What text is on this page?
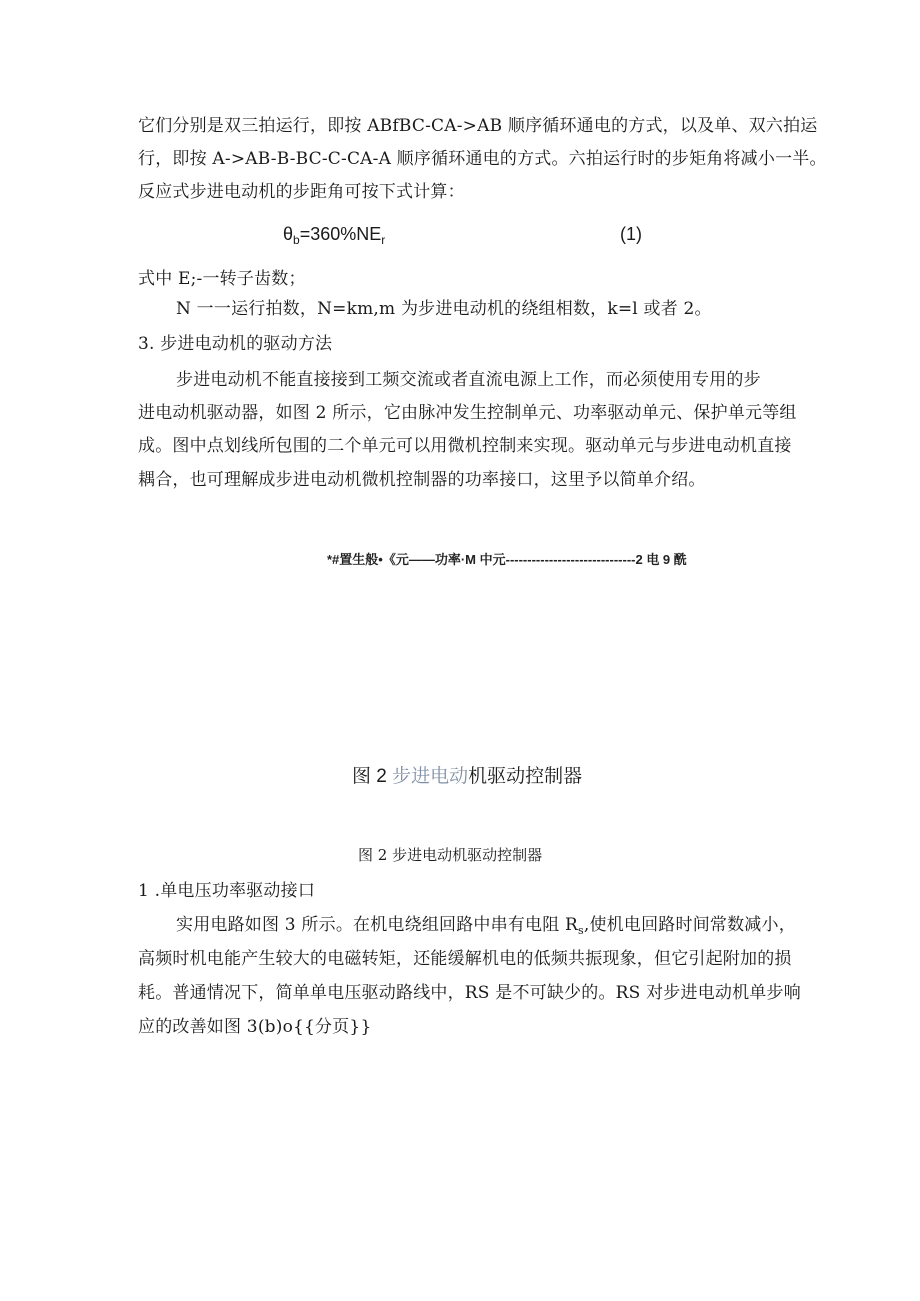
它们分别是双三拍运行，即按 ABfBC-CA->AB 顺序循环通电的方式，以及单、双六拍运
行，即按 A->AB-B-BC-C-CA-A 顺序循环通电的方式。六拍运行时的步矩角将减小一半。
反应式步进电动机的步距角可按下式计算：
$\theta_b=360\%NE_r$	(1)
式中 E;-一转子齿数；
N 一一运行拍数，N=km,m 为步进电动机的绕组相数，k=l 或者 2。
3. 步进电动机的驱动方法
步进电动机不能直接接到工频交流或者直流电源上工作，而必须使用专用的步
进电动机驱动器，如图 2 所示，它由脉冲发生控制单元、功率驱动单元、保护单元等组
成。图中点划线所包围的二个单元可以用微机控制来实现。驱动单元与步进电动机直接
耦合，也可理解成步进电动机微机控制器的功率接口，这里予以简单介绍。
*#置生般•《元——功率·M 中元------------------------------2 电 9 酰
图 2 步进电动机驱动控制器
图 2 步进电动机驱动控制器
1 .单电压功率驱动接口
实用电路如图 3 所示。在机电绕组回路中串有电阻 $R_s$,使机电回路时间常数减小，
高频时机电能产生较大的电磁转矩，还能缓解机电的低频共振现象，但它引起附加的损
耗。普通情况下，简单单电压驱动路线中，RS 是不可缺少的。RS 对步进电动机单步响
应的改善如图 3(b)o{{分页}}
